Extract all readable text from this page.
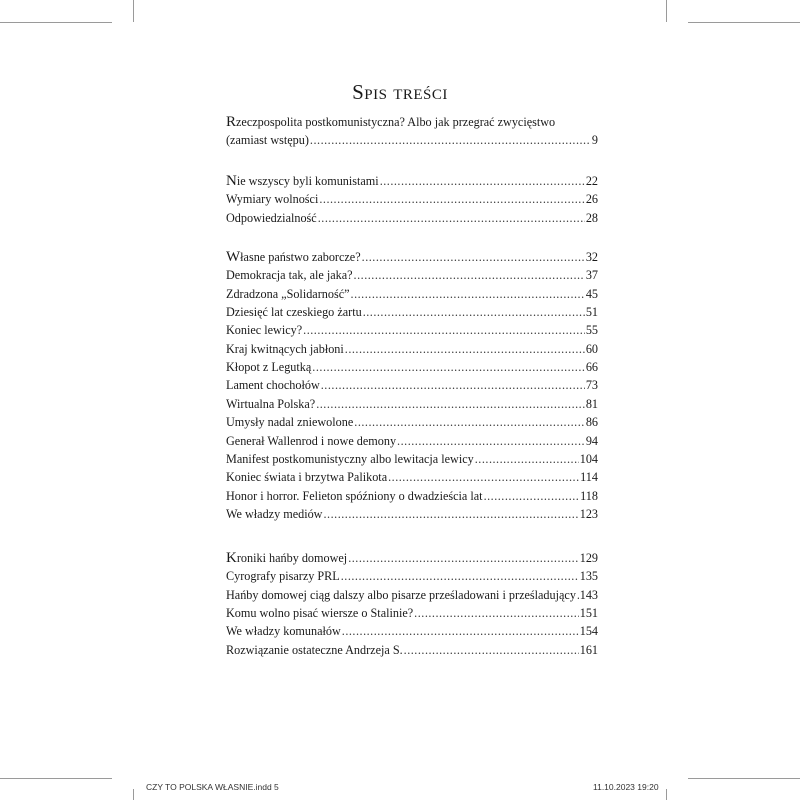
Spis treści
Rzeczpospolita postkomunistyczna? Albo jak przegrać zwycięstwo
(zamiast wstępu) .....	9
Nie wszyscy byli komunistami .....	22
Wymiary wolności .....	26
Odpowiedzialność .....	28
Własne państwo zaborcze? .....	32
Demokracja tak, ale jaka? .....	37
Zdradzona „Solidarność” .....	45
Dziesięć lat czeskiego żartu .....	51
Koniec lewicy? .....	55
Kraj kwitnących jabłoni .....	60
Kłopot z Legutką .....	66
Lament chochołów .....	73
Wirtualna Polska? .....	81
Umysły nadal zniewolone .....	86
Generał Wallenrod i nowe demony .....	94
Manifest postkomunistyczny albo lewitacja lewicy .....	104
Koniec świata i brzytwa Palikota .....	114
Honor i horror. Felieton spóźniony o dwadzieścia lat .....	118
We władzy mediów .....	123
Kroniki hańby domowej .....	129
Cyrografy pisarzy PRL .....	135
Hańby domowej ciąg dalszy albo pisarze prześladowani i prześladujący ..... 143
Komu wolno pisać wiersze o Stalinie? .....	151
We władzy komunałów .....	154
Rozwiązanie ostateczne Andrzeja S. .....	161
CZY TO POLSKA WŁASNIE.indd 5	11.10.2023 19:20
